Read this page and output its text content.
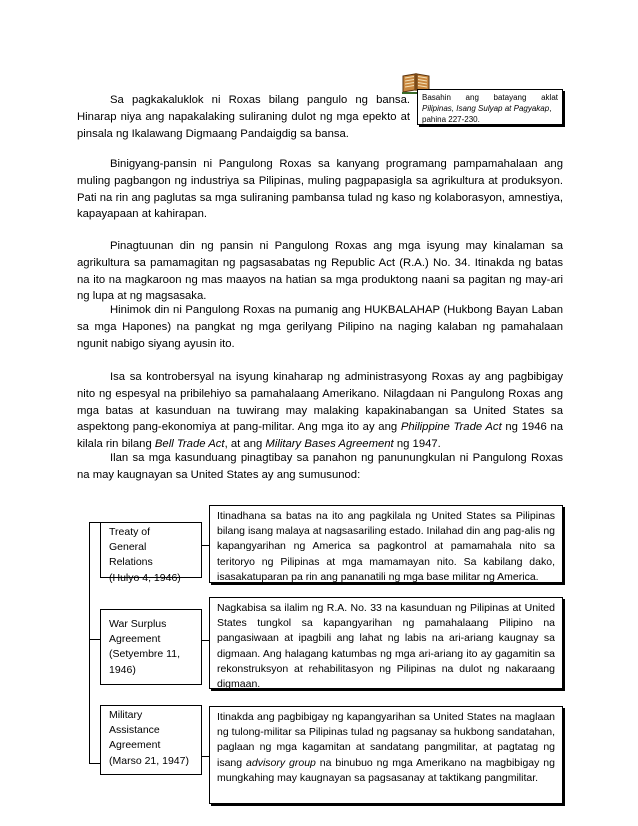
Basahin ang batayang aklat
Pilipinas, Isang Sulyap at Pagyakap,
pahina 227-230.
Sa pagkakaluklok ni Roxas bilang pangulo ng bansa. Hinarap niya ang napakalaking suliraning dulot ng mga epekto at pinsala ng Ikalawang Digmaang Pandaigdig sa bansa.
Binigyang-pansin ni Pangulong Roxas sa kanyang programang pampamahalaan ang muling pagbangon ng industriya sa Pilipinas, muling pagpapasigla sa agrikultura at produksyon. Pati na rin ang paglutas sa mga suliraning pambansa tulad ng kaso ng kolaborasyon, amnestiya, kapayapaan at kahirapan.
Pinagtuunan din ng pansin ni Pangulong Roxas ang mga isyung may kinalaman sa agrikultura sa pamamagitan ng pagsasabatas ng Republic Act (R.A.) No. 34. Itinakda ng batas na ito na magkaroon ng mas maayos na hatian sa mga produktong naani sa pagitan ng may-ari ng lupa at ng magsasaka.
Hinimok din ni Pangulong Roxas na pumanig ang HUKBALAHAP (Hukbong Bayan Laban sa mga Hapones) na pangkat ng mga gerilyang Pilipino na naging kalaban ng pamahalaan ngunit nabigo siyang ayusin ito.
Isa sa kontrobersyal na isyung kinaharap ng administrasyong Roxas ay ang pagbibigay nito ng espesyal na pribilehiyo sa pamahalaang Amerikano. Nilagdaan ni Pangulong Roxas ang mga batas at kasunduan na tuwirang may malaking kapakinabangan sa United States sa aspektong pang-ekonomiya at pang-militar. Ang mga ito ay ang Philippine Trade Act ng 1946 na kilala rin bilang Bell Trade Act, at ang Military Bases Agreement ng 1947.
Ilan sa mga kasunduang pinagtibay sa panahon ng panunungkulan ni Pangulong Roxas na may kaugnayan sa United States ay ang sumusunod:
Treaty of
General Relations
(Hulyo 4, 1946)
Itinadhana sa batas na ito ang pagkilala ng United States sa Pilipinas bilang isang malaya at nagsasariling estado. Inilahad din ang pag-alis ng kapangyarihan ng America sa pagkontrol at pamamahala nito sa teritoryo ng Pilipinas at mga mamamayan nito. Sa kabilang dako, isasakatuparan pa rin ang pananatili ng mga base militar ng America.
War Surplus
Agreement
(Setyembre 11,
1946)
Nagkabisa sa ilalim ng R.A. No. 33 na kasunduan ng Pilipinas at United States tungkol sa kapangyarihan ng pamahalaang Pilipino na pangasiwaan at ipagbili ang lahat ng labis na ari-ariang kaugnay sa digmaan. Ang halagang katumbas ng mga ari-ariang ito ay gagamitin sa rekonstruksyon at rehabilitasyon ng Pilipinas na dulot ng nakaraang digmaan.
Military
Assistance
Agreement
(Marso 21, 1947)
Itinakda ang pagbibigay ng kapangyarihan sa United States na maglaan ng tulong-militar sa Pilipinas tulad ng pagsanay sa hukbong sandatahan, paglaan ng mga kagamitan at sandatang pangmilitar, at pagtatag ng isang advisory group na binubuo ng mga Amerikano na magbibigay ng mungkahing may kaugnayan sa pagsasanay at taktikang pangmilitar.
